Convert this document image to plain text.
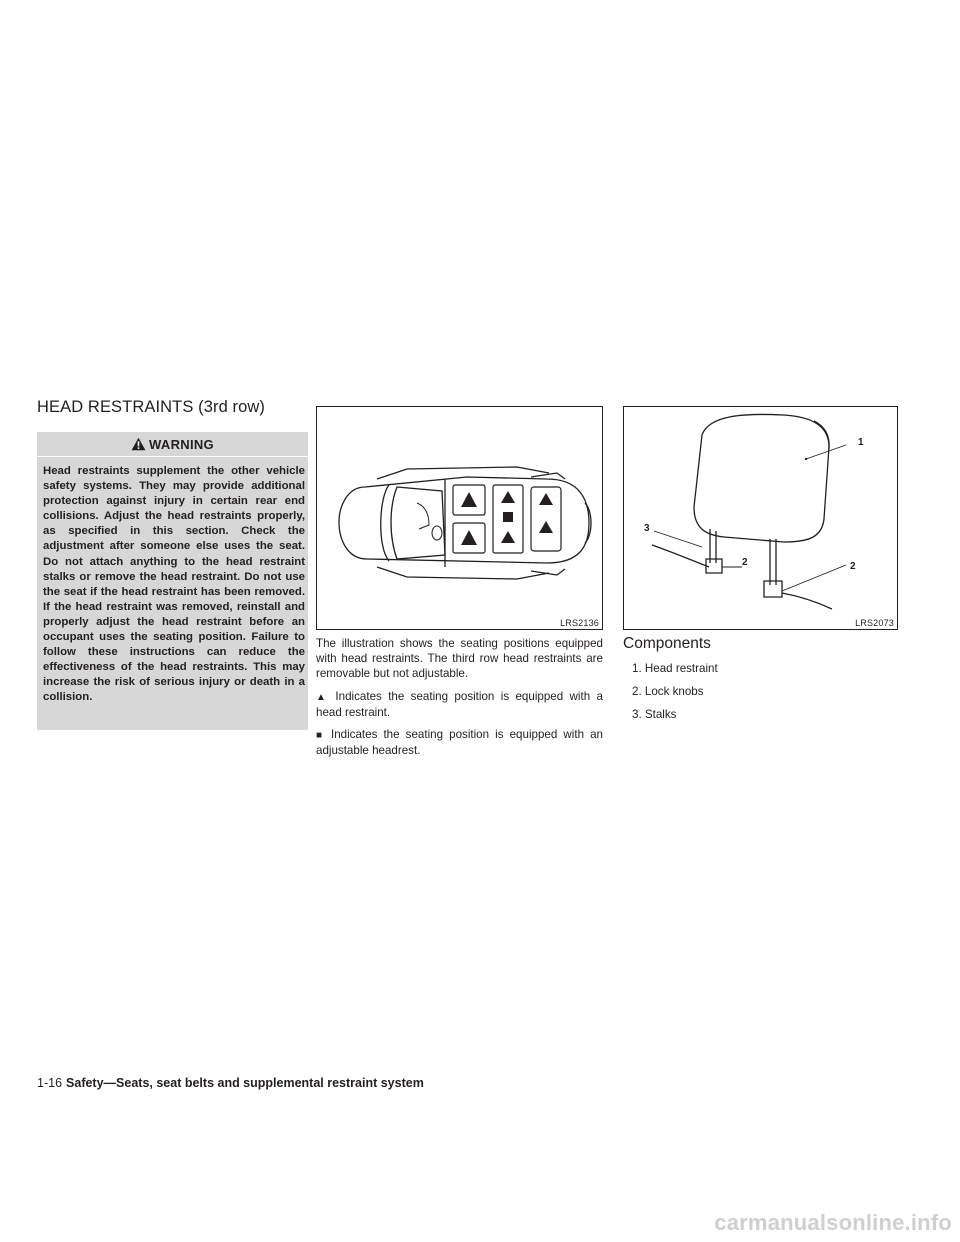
HEAD RESTRAINTS (3rd row)
WARNING
Head restraints supplement the other vehicle safety systems. They may provide additional protection against injury in certain rear end collisions. Adjust the head restraints properly, as specified in this section. Check the adjustment after someone else uses the seat. Do not attach anything to the head restraint stalks or remove the head restraint. Do not use the seat if the head restraint has been removed. If the head restraint was removed, reinstall and properly adjust the head restraint before an occupant uses the seating position. Failure to follow these instructions can reduce the effectiveness of the head restraints. This may increase the risk of serious injury or death in a collision.
LRS2136
1
2	2
3
LRS2073

The illustration shows the seating positions equipped with head restraints. The third row head restraints are removable but not adjustable.

▲ Indicates the seating position is equipped with a head restraint.

■ Indicates the seating position is equipped with an adjustable headrest.

Components
1. Head restraint
2. Lock knobs
3. Stalks
1-16 Safety—Seats, seat belts and supplemental restraint system
carmanualsonline.info
